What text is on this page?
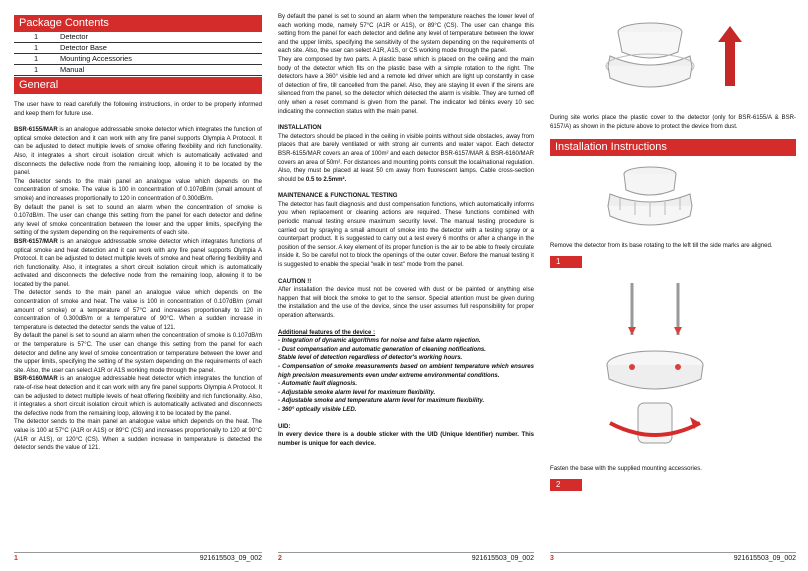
Package Contents
1	Detector
1	Detector Base
1	Mounting Accessories
1	Manual
General

The user have to read carefully the following instructions, in order to be properly informed and keep them for future use.

BSR-6155/MAR is an analogue addressable smoke detector which integrates the function of optical smoke detection and it can work with any fire panel supports Olympia A Protocol. It can be adjusted to detect multiple levels of smoke offering flexibility and rich functionality. Also, it integrates a short circuit isolation circuit which is automatically activated and disconnects the defective node from the remaining loop, allowing it to be located by the panel.

The detector sends to the main panel an analogue value which depends on the concentration of smoke. The value is 100 in concentration of 0.107dB/m (small amount of smoke) and increases proportionally to 120 in concentration of 0.300dB/m.

By default the panel is set to sound an alarm when the concentration of smoke is 0.107dB/m. The user can change this setting from the panel for each detector and define any level of smoke concentration between the lower and the upper limits, specifying the setting of the system depending on the requirements of each site.

BSR-6157/MAR is an analogue addressable smoke detector which integrates functions of optical smoke and heat detection and it can work with any fire panel supports Olympia A Protocol. It can be adjusted to detect multiple levels of smoke and heat offering flexibility and rich functionality. Also, it integrates a short circuit isolation circuit which is automatically activated and disconnects the defective node from the remaining loop, allowing it to be located by the panel.

The detector sends to the main panel an analogue value which depends on the concentration of smoke and heat. The value is 100 in concentration of 0.107dB/m (small amount of smoke) or a temperature of 57°C and increases proportionally to 120 in concentration of 0.300dB/m or a temperature of 90°C. When a sudden increase in temperature is detected the detector sends the value of 121.

By default the panel is set to sound an alarm when the concentration of smoke is 0.107dB/m or the temperature is 57°C. The user can change this setting from the panel for each detector and define any level of smoke concentration or temperature between the lower and the upper limits, specifying the setting of the system depending on the requirements of each site. Also, the user can select A1R or A1S working mode through the panel.

BSR-6160/MAR is an analogue addressable heat detector which integrates the function of rate-of-rise heat detection and it can work with any fire panel supports Olympia A Protocol. It can be adjusted to detect multiple levels of heat offering flexibility and rich functionality. Also, it integrates a short circuit isolation circuit which is automatically activated and disconnects the defective node from the remaining loop, allowing it to be located by the panel.

The detector sends to the main panel an analogue value which depends on the heat. The value is 100 at 57°C (A1R or A1S) or 89°C (CS) and increases proportionally to 120 at 90°C (A1R or A1S), or 120°C (CS). When a sudden increase in temperature is detected the detector sends the value of 121.

1	921615503_09_002

By default the panel is set to sound an alarm when the temperature reaches the lower level of each working mode, namely 57°C (A1R or A1S), or 89°C (CS). The user can change this setting from the panel for each detector and define any level of temperature between the lower and the upper limits, specifying the sensitivity of the system depending on the requirements of each site. Also, the user can select A1R, A1S, or CS working mode through the panel.

They are composed by two parts. A plastic base which is placed on the ceiling and the main body of the detector which fits on the plastic base with a simple rotation to the right. The detectors have a 360° visible led and a remote led driver which are light up constantly in case of detection of fire, till cancelled from the panel. Also, they are staying lit even if the sirens are silenced from the panel, so the detector which detected the alarm is visible. They are turned off only when a reset command is given from the panel. The indicator led blinks every 10 sec indicating the connection status with the main panel.

INSTALLATION

The detectors should be placed in the ceiling in visible points without side obstacles, away from places that are barely ventilated or with strong air currents and water vapor. Each detector BSR-6155/MAR covers an area of 100m² and each detector BSR-6157/MAR & BSR-6160/MAR covers an area of 50m². For distances and mounting points consult the local/national regulation. Also, they must be placed at least 50 cm away from fluorescent lamps. Cable cross-section should be 0.5 to 2.5mm².

MAINTENANCE & FUNCTIONAL TESTING

The detector has fault diagnosis and dust compensation functions, which automatically informs you when replacement or cleaning actions are required. These functions combined with periodic manual testing ensure maximum security level. The manual testing procedure is carried out by spraying a small amount of smoke into the detector with a testing spray or a counterpart product. It is suggested to carry out a test every 6 months or after a change in the position of the sensor. A key element of its proper function is the air to be able to freely circulate inside it. So be careful not to block the openings of the outer cover. Before the manual testing it is suggested to enable the special "walk in test" mode from the panel.

CAUTION !!

After installation the device must not be covered with dust or be painted or anything else happen that will block the smoke to get to the sensor. Special attention must be given during the installation and the use of the device, since the user assumes full responsibility for proper operation afterwards.

Additional features of the device :

- Integration of dynamic algorithms for noise and false alarm rejection.
- Dust compensation and automatic generation of cleaning notifications.
Stable level of detection regardless of detector's working hours.
- Compensation of smoke measurements based on ambient temperature which ensures high precision measurements even under extreme environmental conditions.
- Automatic fault diagnosis.
- Adjustable smoke alarm level for maximum flexibility.
- Adjustable smoke and temperature alarm level for maximum flexibility.
- 360° optically visible LED.

UID:

In every device there is a double sticker with the UID (Unique Identifier) number. This number is unique for each device.

2	921615503_09_002

During site works place the plastic cover to the detector (only for BSR-6155/A & BSR-6157/A) as shown in the picture above to protect the device from dust.

Installation Instructions

Remove the detector from its base rotating to the left till the side marks are aligned.

1

Fasten the base with the supplied mounting accessories.

2
3	921615503_09_002
